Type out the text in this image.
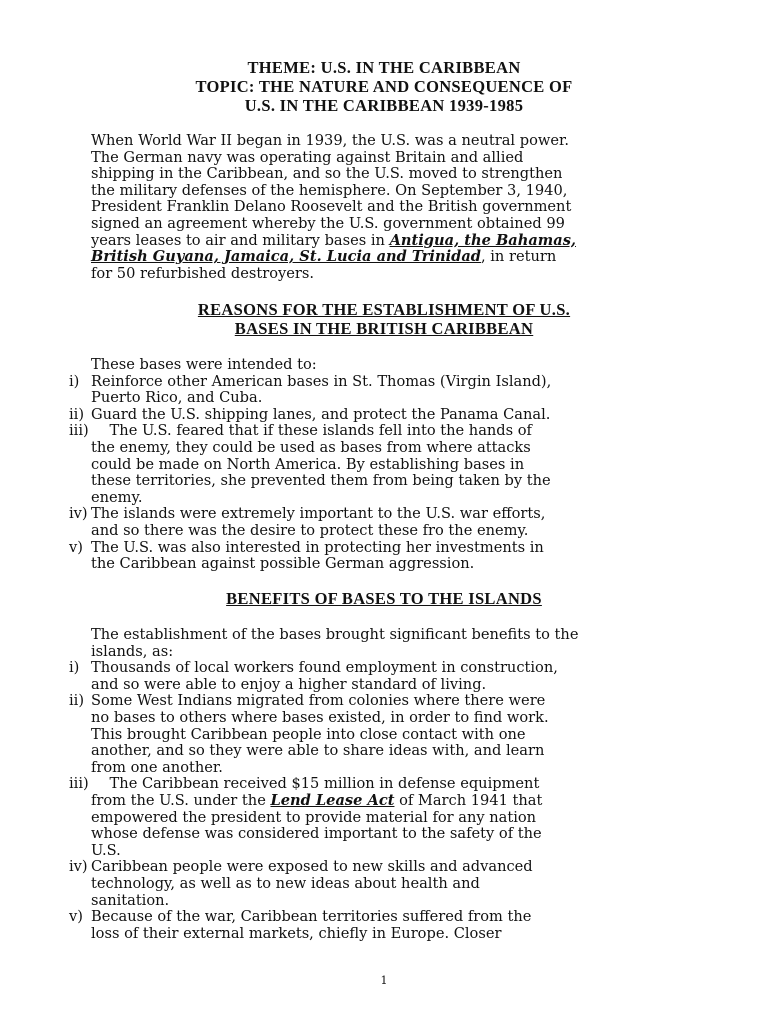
THEME: U.S. IN THE CARIBBEAN
TOPIC: THE NATURE AND CONSEQUENCE OF
U.S. IN THE CARIBBEAN 1939-1985
When World War II began in 1939, the U.S. was a neutral power.
The German navy was operating against Britain and allied
shipping in the Caribbean, and so the U.S. moved to strengthen
the military defenses of the hemisphere. On September 3, 1940,
President Franklin Delano Roosevelt and the British government
signed an agreement whereby the U.S. government obtained 99
years leases to air and military bases in Antigua, the Bahamas,
British Guyana, Jamaica, St. Lucia and Trinidad, in return
for 50 refurbished destroyers.
REASONS FOR THE ESTABLISHMENT OF U.S.
BASES IN THE BRITISH CARIBBEAN
These bases were intended to:
i) Reinforce other American bases in St. Thomas (Virgin Island),
Puerto Rico, and Cuba.
ii) Guard the U.S. shipping lanes, and protect the Panama Canal.
iii) The U.S. feared that if these islands fell into the hands of
the enemy, they could be used as bases from where attacks
could be made on North America. By establishing bases in
these territories, she prevented them from being taken by the
enemy.
iv) The islands were extremely important to the U.S. war efforts,
and so there was the desire to protect these fro the enemy.
v) The U.S. was also interested in protecting her investments in
the Caribbean against possible German aggression.
BENEFITS OF BASES TO THE ISLANDS
The establishment of the bases brought significant benefits to the
islands, as:
i) Thousands of local workers found employment in construction,
and so were able to enjoy a higher standard of living.
ii) Some West Indians migrated from colonies where there were
no bases to others where bases existed, in order to find work.
This brought Caribbean people into close contact with one
another, and so they were able to share ideas with, and learn
from one another.
iii) The Caribbean received $15 million in defense equipment
from the U.S. under the Lend Lease Act of March 1941 that
empowered the president to provide material for any nation
whose defense was considered important to the safety of the
U.S.
iv) Caribbean people were exposed to new skills and advanced
technology, as well as to new ideas about health and
sanitation.
v) Because of the war, Caribbean territories suffered from the
loss of their external markets, chiefly in Europe. Closer
1
